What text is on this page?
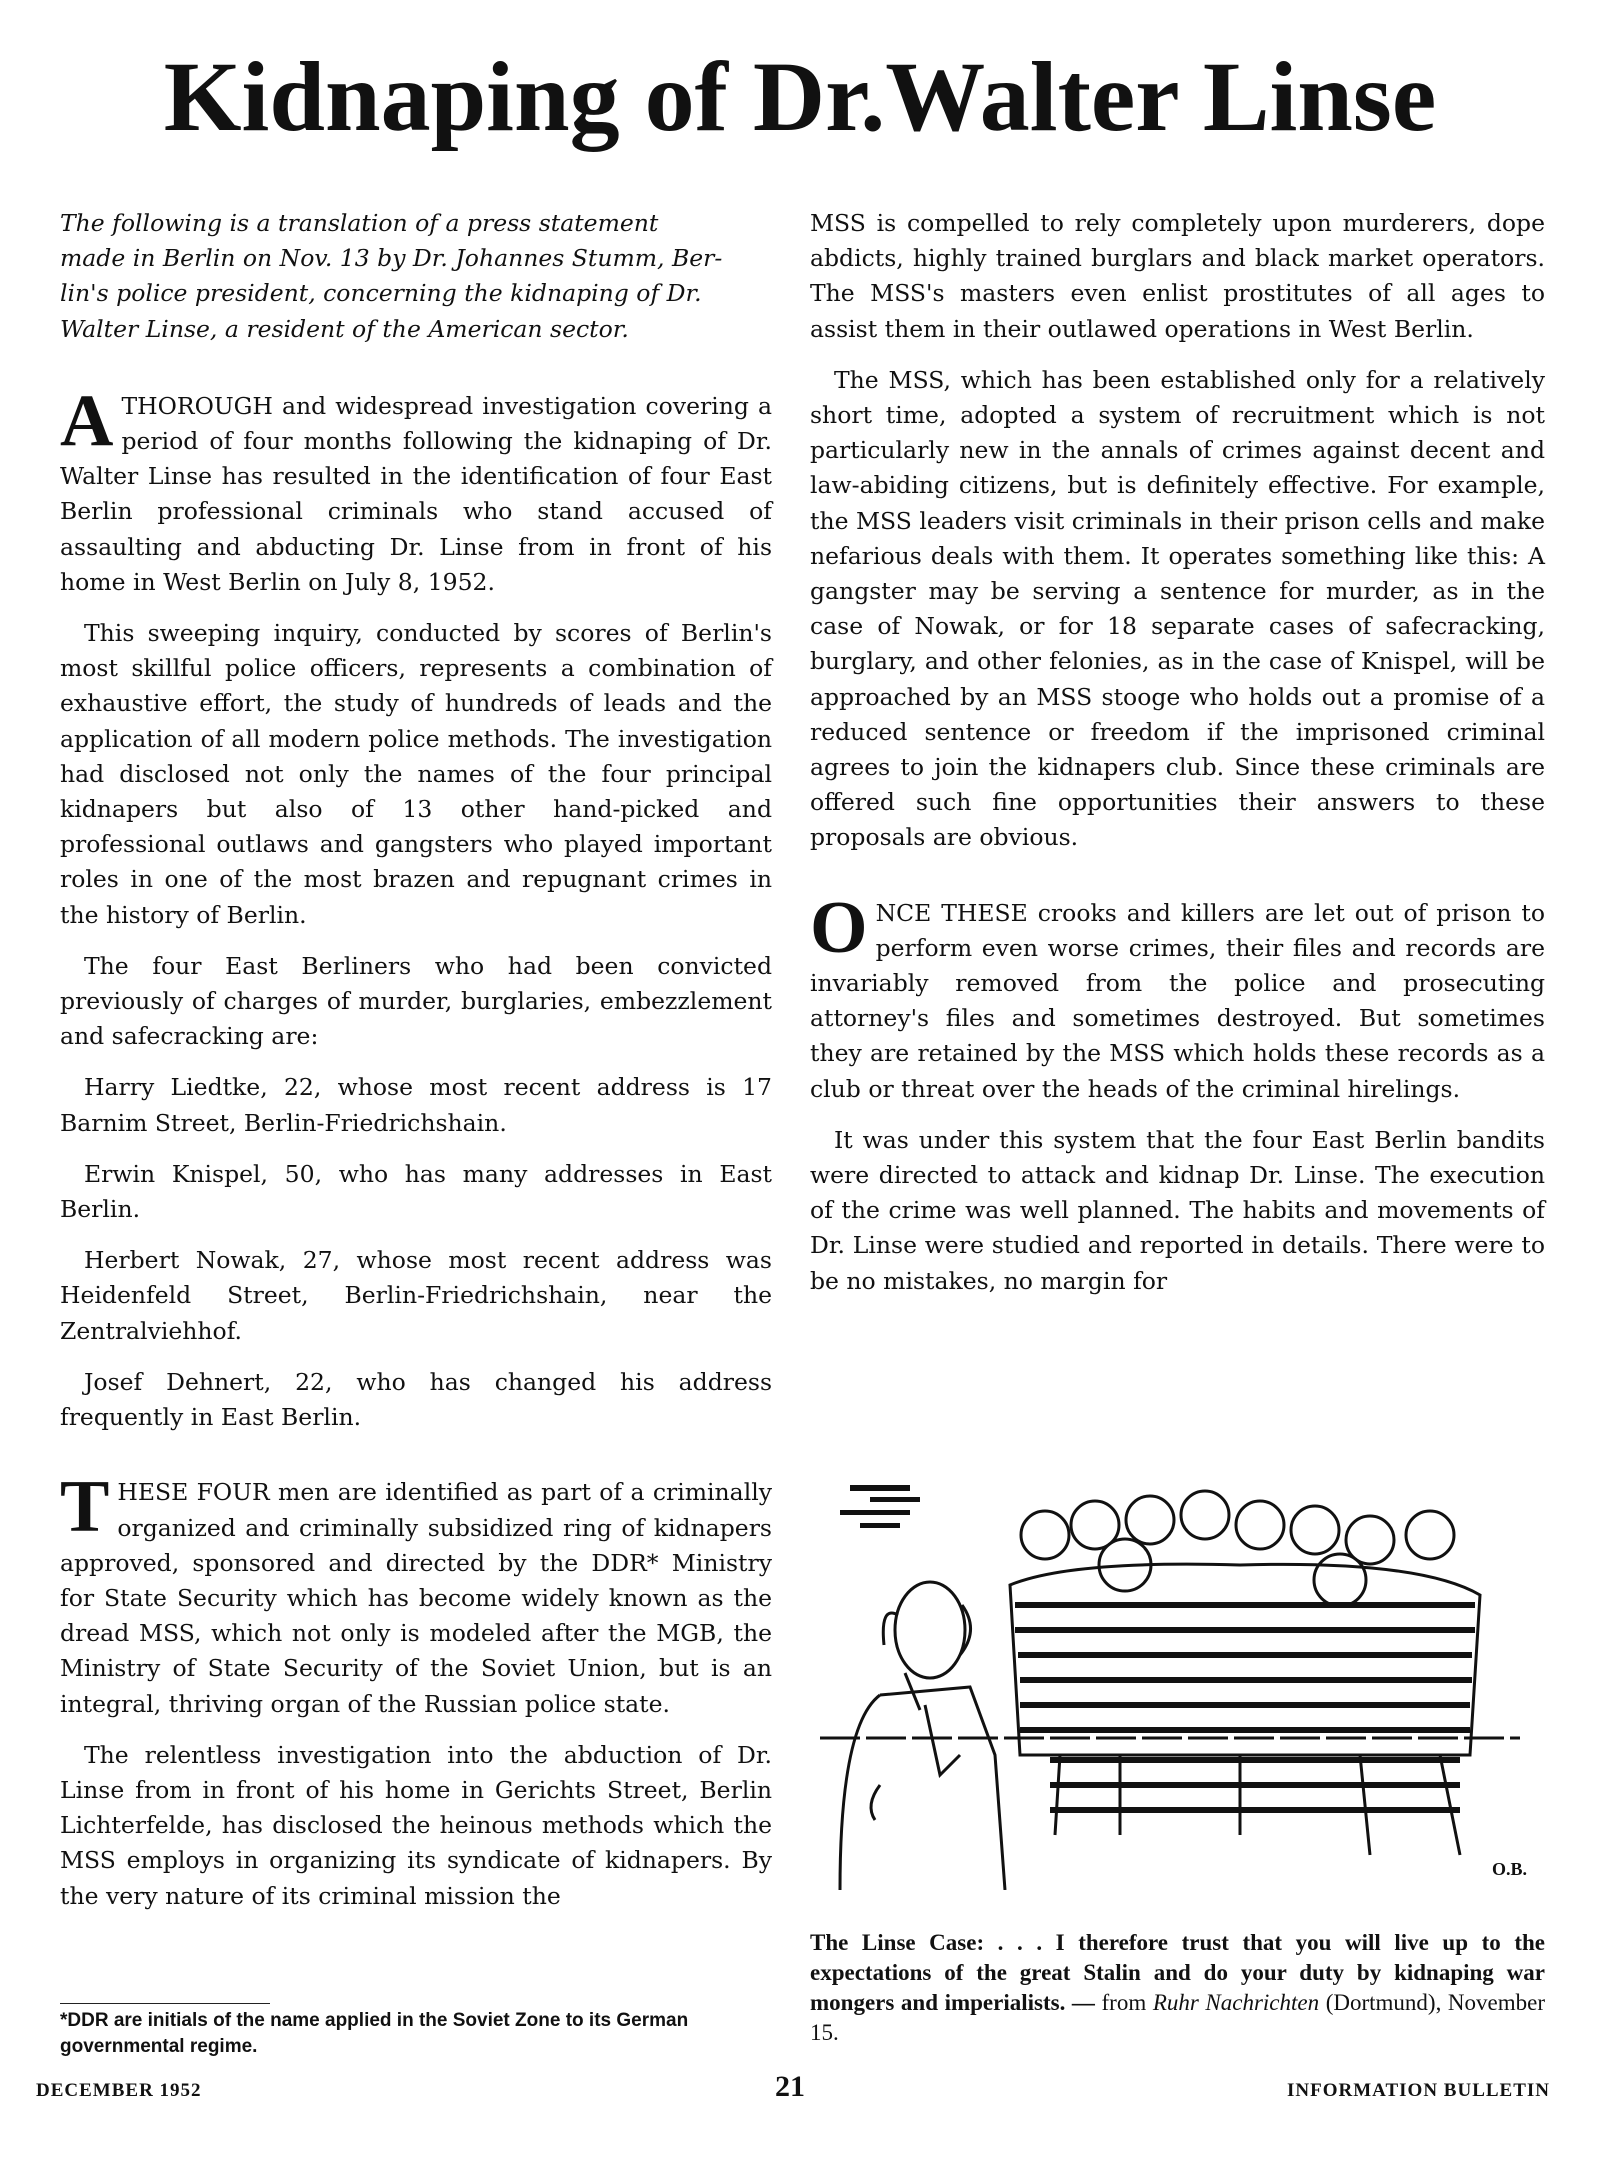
Kidnaping of Dr.Walter Linse

The following is a translation of a press statement
made in Berlin on Nov. 13 by Dr. Johannes Stumm, Ber-
lin's police president, concerning the kidnaping of Dr.
Walter Linse, a resident of the American sector.

ATHOROUGH and widespread investigation covering a period of four months following the kidnaping of Dr. Walter Linse has resulted in the identification of four East Berlin professional criminals who stand accused of assaulting and abducting Dr. Linse from in front of his home in West Berlin on July 8, 1952.

This sweeping inquiry, conducted by scores of Berlin's most skillful police officers, represents a combination of exhaustive effort, the study of hundreds of leads and the application of all modern police methods. The investigation had disclosed not only the names of the four principal kidnapers but also of 13 other hand-picked and professional outlaws and gangsters who played important roles in one of the most brazen and repugnant crimes in the history of Berlin.

The four East Berliners who had been convicted previously of charges of murder, burglaries, embezzlement and safecracking are:

Harry Liedtke, 22, whose most recent address is 17 Barnim Street, Berlin-Friedrichshain.

Erwin Knispel, 50, who has many addresses in East Berlin.

Herbert Nowak, 27, whose most recent address was Heidenfeld Street, Berlin-Friedrichshain, near the Zentralviehhof.

Josef Dehnert, 22, who has changed his address frequently in East Berlin.

THESE FOUR men are identified as part of a criminally organized and criminally subsidized ring of kidnapers approved, sponsored and directed by the DDR* Ministry for State Security which has become widely known as the dread MSS, which not only is modeled after the MGB, the Ministry of State Security of the Soviet Union, but is an integral, thriving organ of the Russian police state.

The relentless investigation into the abduction of Dr. Linse from in front of his home in Gerichts Street, Berlin Lichterfelde, has disclosed the heinous methods which the MSS employs in organizing its syndicate of kidnapers. By the very nature of its criminal mission the

*DDR are initials of the name applied in the Soviet Zone to its German governmental regime.

MSS is compelled to rely completely upon murderers, dope abdicts, highly trained burglars and black market operators. The MSS's masters even enlist prostitutes of all ages to assist them in their outlawed operations in West Berlin.

The MSS, which has been established only for a relatively short time, adopted a system of recruitment which is not particularly new in the annals of crimes against decent and law-abiding citizens, but is definitely effective. For example, the MSS leaders visit criminals in their prison cells and make nefarious deals with them. It operates something like this: A gangster may be serving a sentence for murder, as in the case of Nowak, or for 18 separate cases of safecracking, burglary, and other felonies, as in the case of Knispel, will be approached by an MSS stooge who holds out a promise of a reduced sentence or freedom if the imprisoned criminal agrees to join the kidnapers club. Since these criminals are offered such fine opportunities their answers to these proposals are obvious.

ONCE THESE crooks and killers are let out of prison to perform even worse crimes, their files and records are invariably removed from the police and prosecuting attorney's files and sometimes destroyed. But sometimes they are retained by the MSS which holds these records as a club or threat over the heads of the criminal hirelings.

It was under this system that the four East Berlin bandits were directed to attack and kidnap Dr. Linse. The execution of the crime was well planned. The habits and movements of Dr. Linse were studied and reported in details. There were to be no mistakes, no margin for

O.B.
The Linse Case: . . . I therefore trust that you will live up to the expectations of the great Stalin and do your duty by kidnaping war mongers and imperialists. — from Ruhr Nachrichten (Dortmund), November 15.
DECEMBER 1952	21	INFORMATION BULLETIN
